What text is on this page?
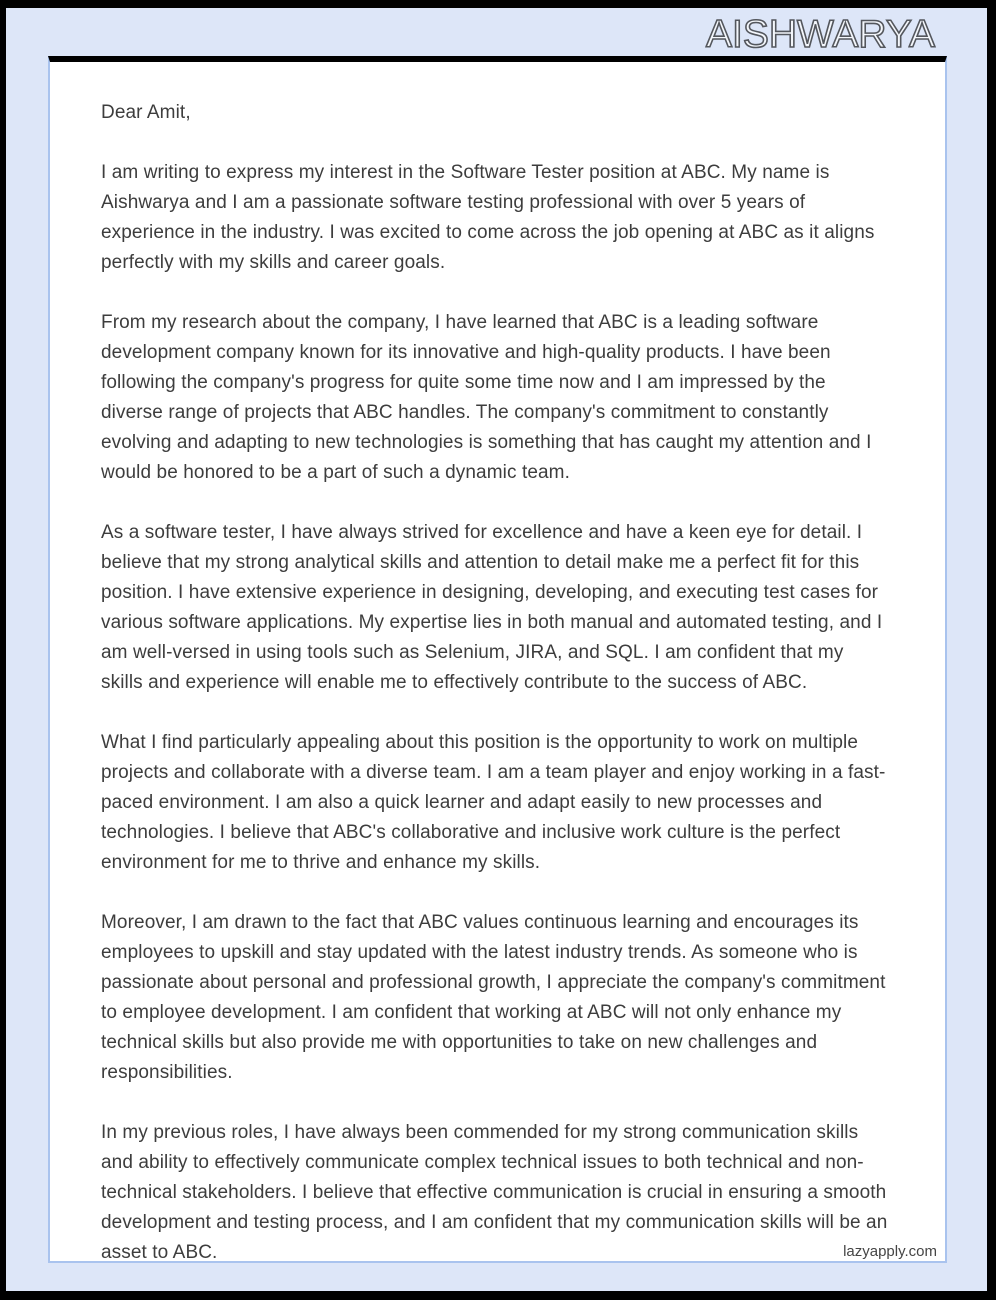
AISHWARYA

Dear Amit,

I am writing to express my interest in the Software Tester position at ABC. My name is Aishwarya and I am a passionate software testing professional with over 5 years of experience in the industry. I was excited to come across the job opening at ABC as it aligns perfectly with my skills and career goals.

From my research about the company, I have learned that ABC is a leading software development company known for its innovative and high-quality products. I have been following the company's progress for quite some time now and I am impressed by the diverse range of projects that ABC handles. The company's commitment to constantly evolving and adapting to new technologies is something that has caught my attention and I would be honored to be a part of such a dynamic team.

As a software tester, I have always strived for excellence and have a keen eye for detail. I believe that my strong analytical skills and attention to detail make me a perfect fit for this position. I have extensive experience in designing, developing, and executing test cases for various software applications. My expertise lies in both manual and automated testing, and I am well-versed in using tools such as Selenium, JIRA, and SQL. I am confident that my skills and experience will enable me to effectively contribute to the success of ABC.

What I find particularly appealing about this position is the opportunity to work on multiple projects and collaborate with a diverse team. I am a team player and enjoy working in a fast-paced environment. I am also a quick learner and adapt easily to new processes and technologies. I believe that ABC's collaborative and inclusive work culture is the perfect environment for me to thrive and enhance my skills.

Moreover, I am drawn to the fact that ABC values continuous learning and encourages its employees to upskill and stay updated with the latest industry trends. As someone who is passionate about personal and professional growth, I appreciate the company's commitment to employee development. I am confident that working at ABC will not only enhance my technical skills but also provide me with opportunities to take on new challenges and responsibilities.

In my previous roles, I have always been commended for my strong communication skills and ability to effectively communicate complex technical issues to both technical and non-technical stakeholders. I believe that effective communication is crucial in ensuring a smooth development and testing process, and I am confident that my communication skills will be an asset to ABC.	lazyapply.com
